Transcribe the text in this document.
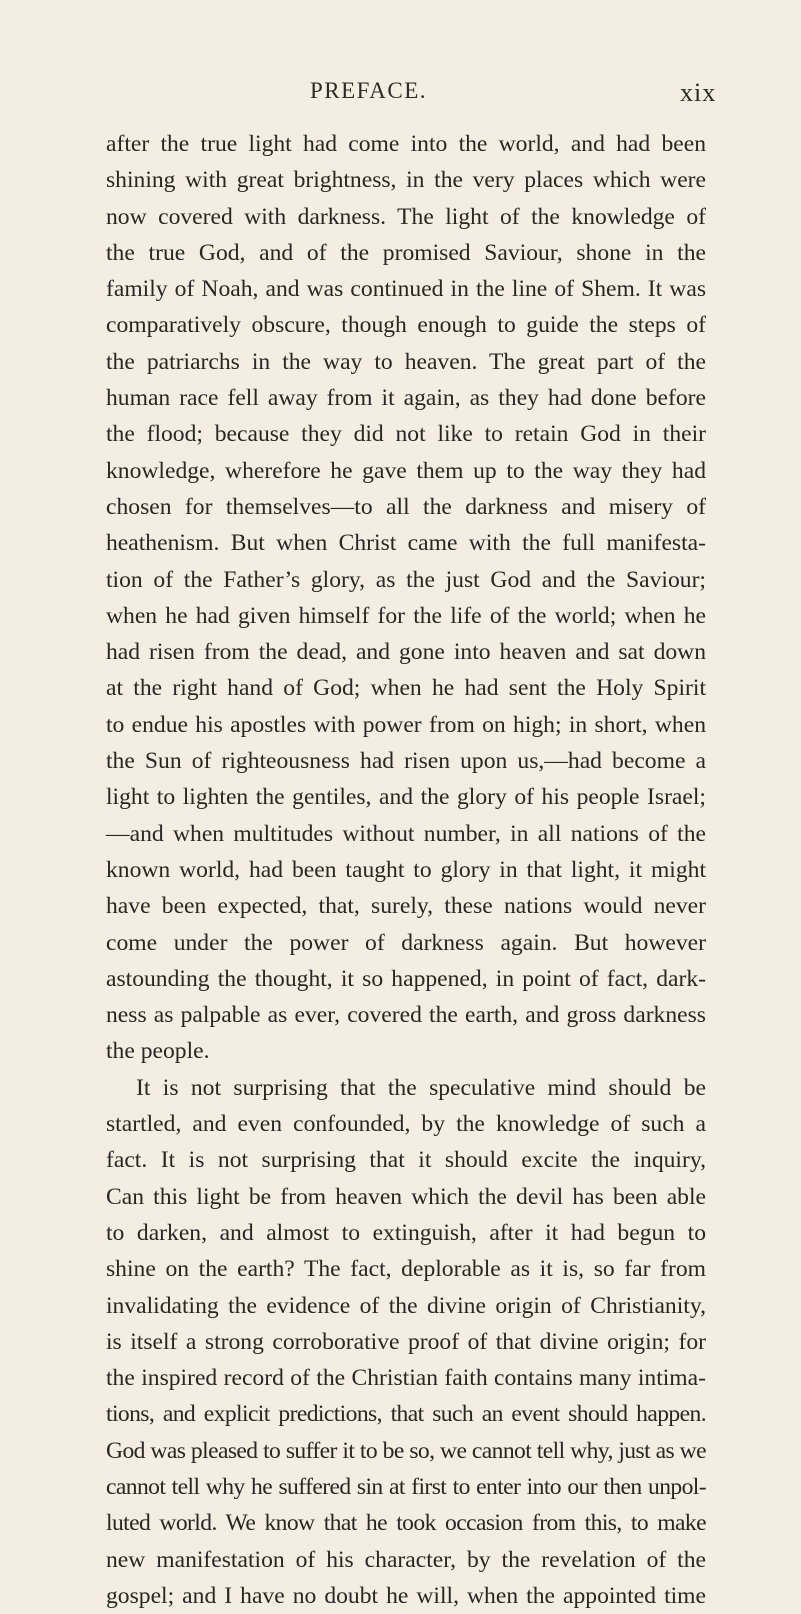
PREFACE.	xix
after the true light had come into the world, and had been
shining with great brightness, in the very places which were
now covered with darkness. The light of the knowledge of
the true God, and of the promised Saviour, shone in the
family of Noah, and was continued in the line of Shem. It was
comparatively obscure, though enough to guide the steps of
the patriarchs in the way to heaven. The great part of the
human race fell away from it again, as they had done before
the flood; because they did not like to retain God in their
knowledge, wherefore he gave them up to the way they had
chosen for themselves—to all the darkness and misery of
heathenism. But when Christ came with the full manifesta-
tion of the Father’s glory, as the just God and the Saviour;
when he had given himself for the life of the world; when he
had risen from the dead, and gone into heaven and sat down
at the right hand of God; when he had sent the Holy Spirit
to endue his apostles with power from on high; in short, when
the Sun of righteousness had risen upon us,—had become a
light to lighten the gentiles, and the glory of his people Israel;
—and when multitudes without number, in all nations of the
known world, had been taught to glory in that light, it might
have been expected, that, surely, these nations would never
come under the power of darkness again. But however
astounding the thought, it so happened, in point of fact, dark-
ness as palpable as ever, covered the earth, and gross darkness
the people.
It is not surprising that the speculative mind should be
startled, and even confounded, by the knowledge of such a
fact. It is not surprising that it should excite the inquiry,
Can this light be from heaven which the devil has been able
to darken, and almost to extinguish, after it had begun to
shine on the earth? The fact, deplorable as it is, so far from
invalidating the evidence of the divine origin of Christianity,
is itself a strong corroborative proof of that divine origin; for
the inspired record of the Christian faith contains many intima-
tions, and explicit predictions, that such an event should happen.
God was pleased to suffer it to be so, we cannot tell why, just as we
cannot tell why he suffered sin at first to enter into our then unpol-
luted world. We know that he took occasion from this, to make
new manifestation of his character, by the revelation of the
gospel; and I have no doubt he will, when the appointed time
